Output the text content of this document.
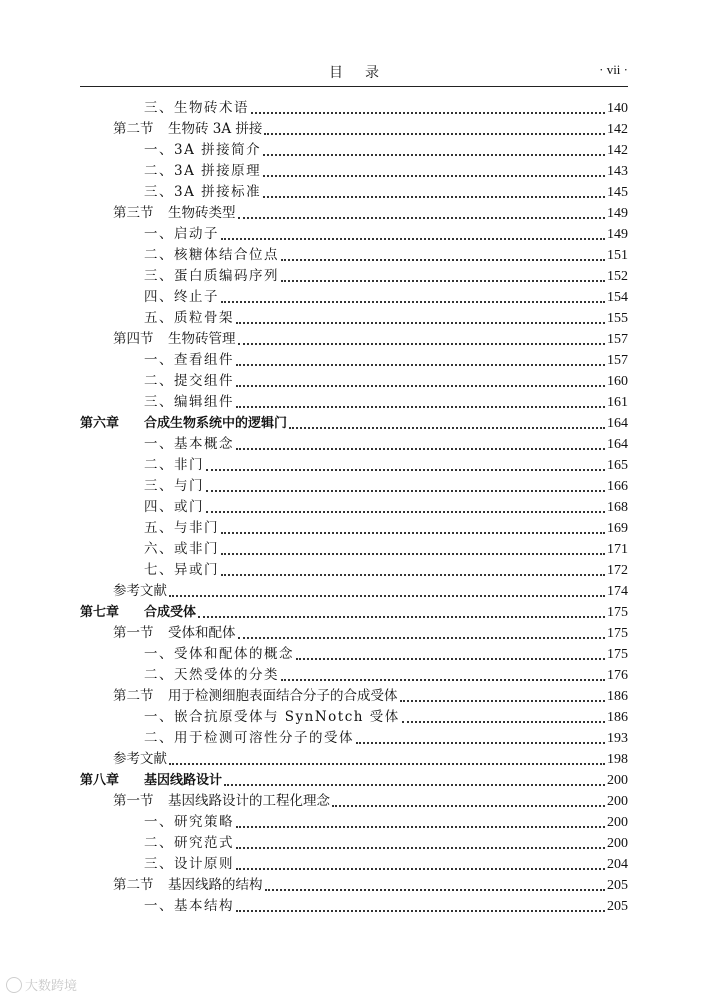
目录	· vii ·
三、生物砖术语	140
第二节 生物砖 3A 拼接	142
一、3A 拼接简介	142
二、3A 拼接原理	143
三、3A 拼接标准	145
第三节 生物砖类型	149
一、启动子	149
二、核糖体结合位点	151
三、蛋白质编码序列	152
四、终止子	154
五、质粒骨架	155
第四节 生物砖管理	157
一、查看组件	157
二、提交组件	160
三、编辑组件	161
第六章 合成生物系统中的逻辑门	164
一、基本概念	164
二、非门	165
三、与门	166
四、或门	168
五、与非门	169
六、或非门	171
七、异或门	172
参考文献	174
第七章 合成受体	175
第一节 受体和配体	175
一、受体和配体的概念	175
二、天然受体的分类	176
第二节 用于检测细胞表面结合分子的合成受体	186
一、嵌合抗原受体与 SynNotch 受体	186
二、用于检测可溶性分子的受体	193
参考文献	198
第八章 基因线路设计	200
第一节 基因线路设计的工程化理念	200
一、研究策略	200
二、研究范式	200
三、设计原则	204
第二节 基因线路的结构	205
一、基本结构	205
大数跨境
